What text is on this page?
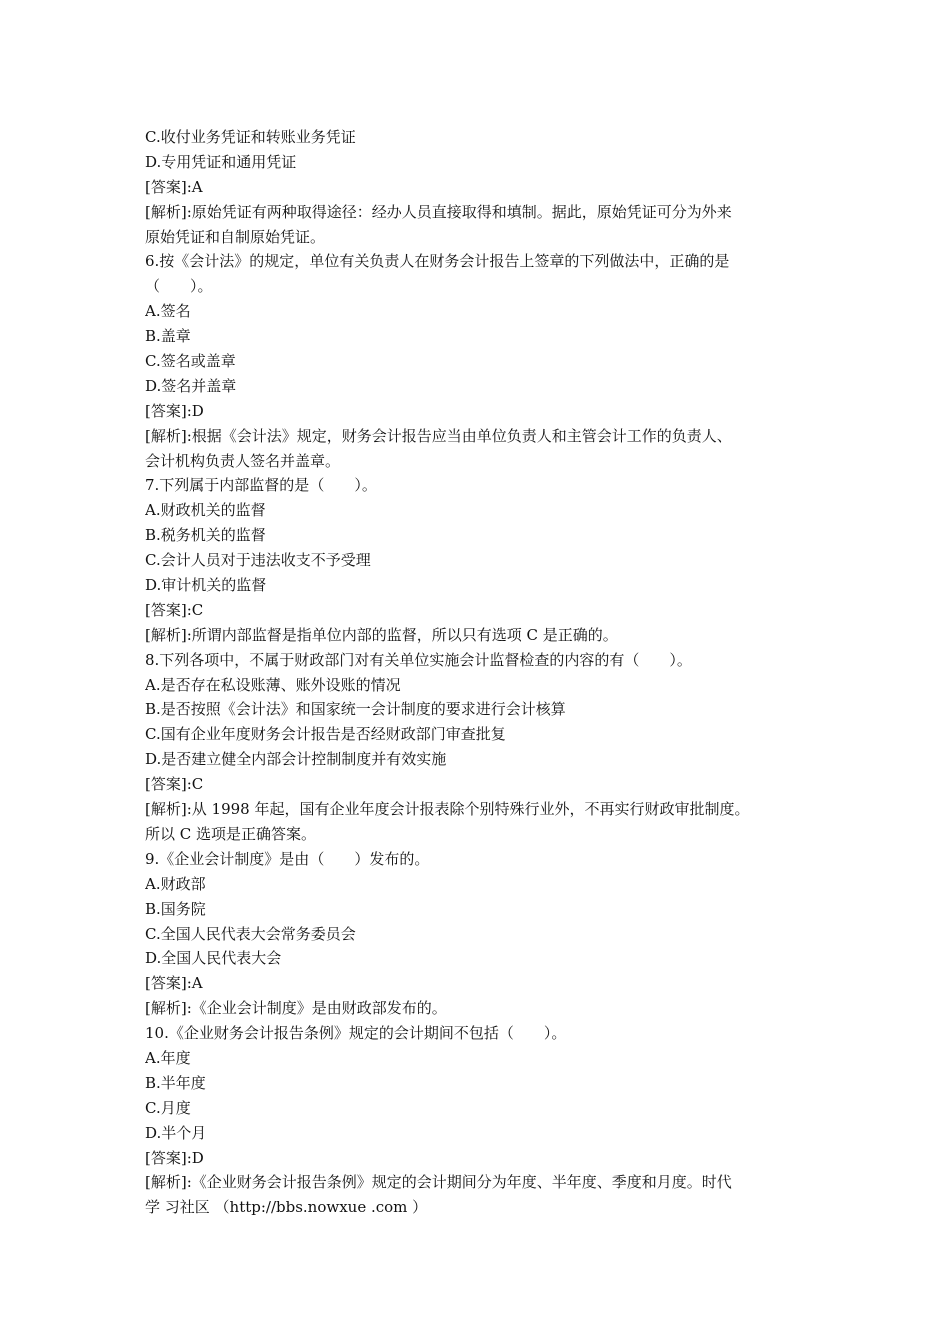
C.收付业务凭证和转账业务凭证
D.专用凭证和通用凭证
[答案]:A
[解析]:原始凭证有两种取得途径：经办人员直接取得和填制。据此，原始凭证可分为外来
原始凭证和自制原始凭证。
6.按《会计法》的规定，单位有关负责人在财务会计报告上签章的下列做法中，正确的是
（　　）。
A.签名
B.盖章
C.签名或盖章
D.签名并盖章
[答案]:D
[解析]:根据《会计法》规定，财务会计报告应当由单位负责人和主管会计工作的负责人、
会计机构负责人签名并盖章。
7.下列属于内部监督的是（　　）。
A.财政机关的监督
B.税务机关的监督
C.会计人员对于违法收支不予受理
D.审计机关的监督
[答案]:C
[解析]:所谓内部监督是指单位内部的监督，所以只有选项 C 是正确的。
8.下列各项中，不属于财政部门对有关单位实施会计监督检查的内容的有（　　）。
A.是否存在私设账薄、账外设账的情况
B.是否按照《会计法》和国家统一会计制度的要求进行会计核算
C.国有企业年度财务会计报告是否经财政部门审查批复
D.是否建立健全内部会计控制制度并有效实施
[答案]:C
[解析]:从 1998 年起，国有企业年度会计报表除个别特殊行业外，不再实行财政审批制度。
所以 C 选项是正确答案。
9.《企业会计制度》是由（　　）发布的。
A.财政部
B.国务院
C.全国人民代表大会常务委员会
D.全国人民代表大会
[答案]:A
[解析]:《企业会计制度》是由财政部发布的。
10.《企业财务会计报告条例》规定的会计期间不包括（　　）。
A.年度
B.半年度
C.月度
D.半个月
[答案]:D
[解析]:《企业财务会计报告条例》规定的会计期间分为年度、半年度、季度和月度。时代
学 习社区 （http://bbs.nowxue .com ）
